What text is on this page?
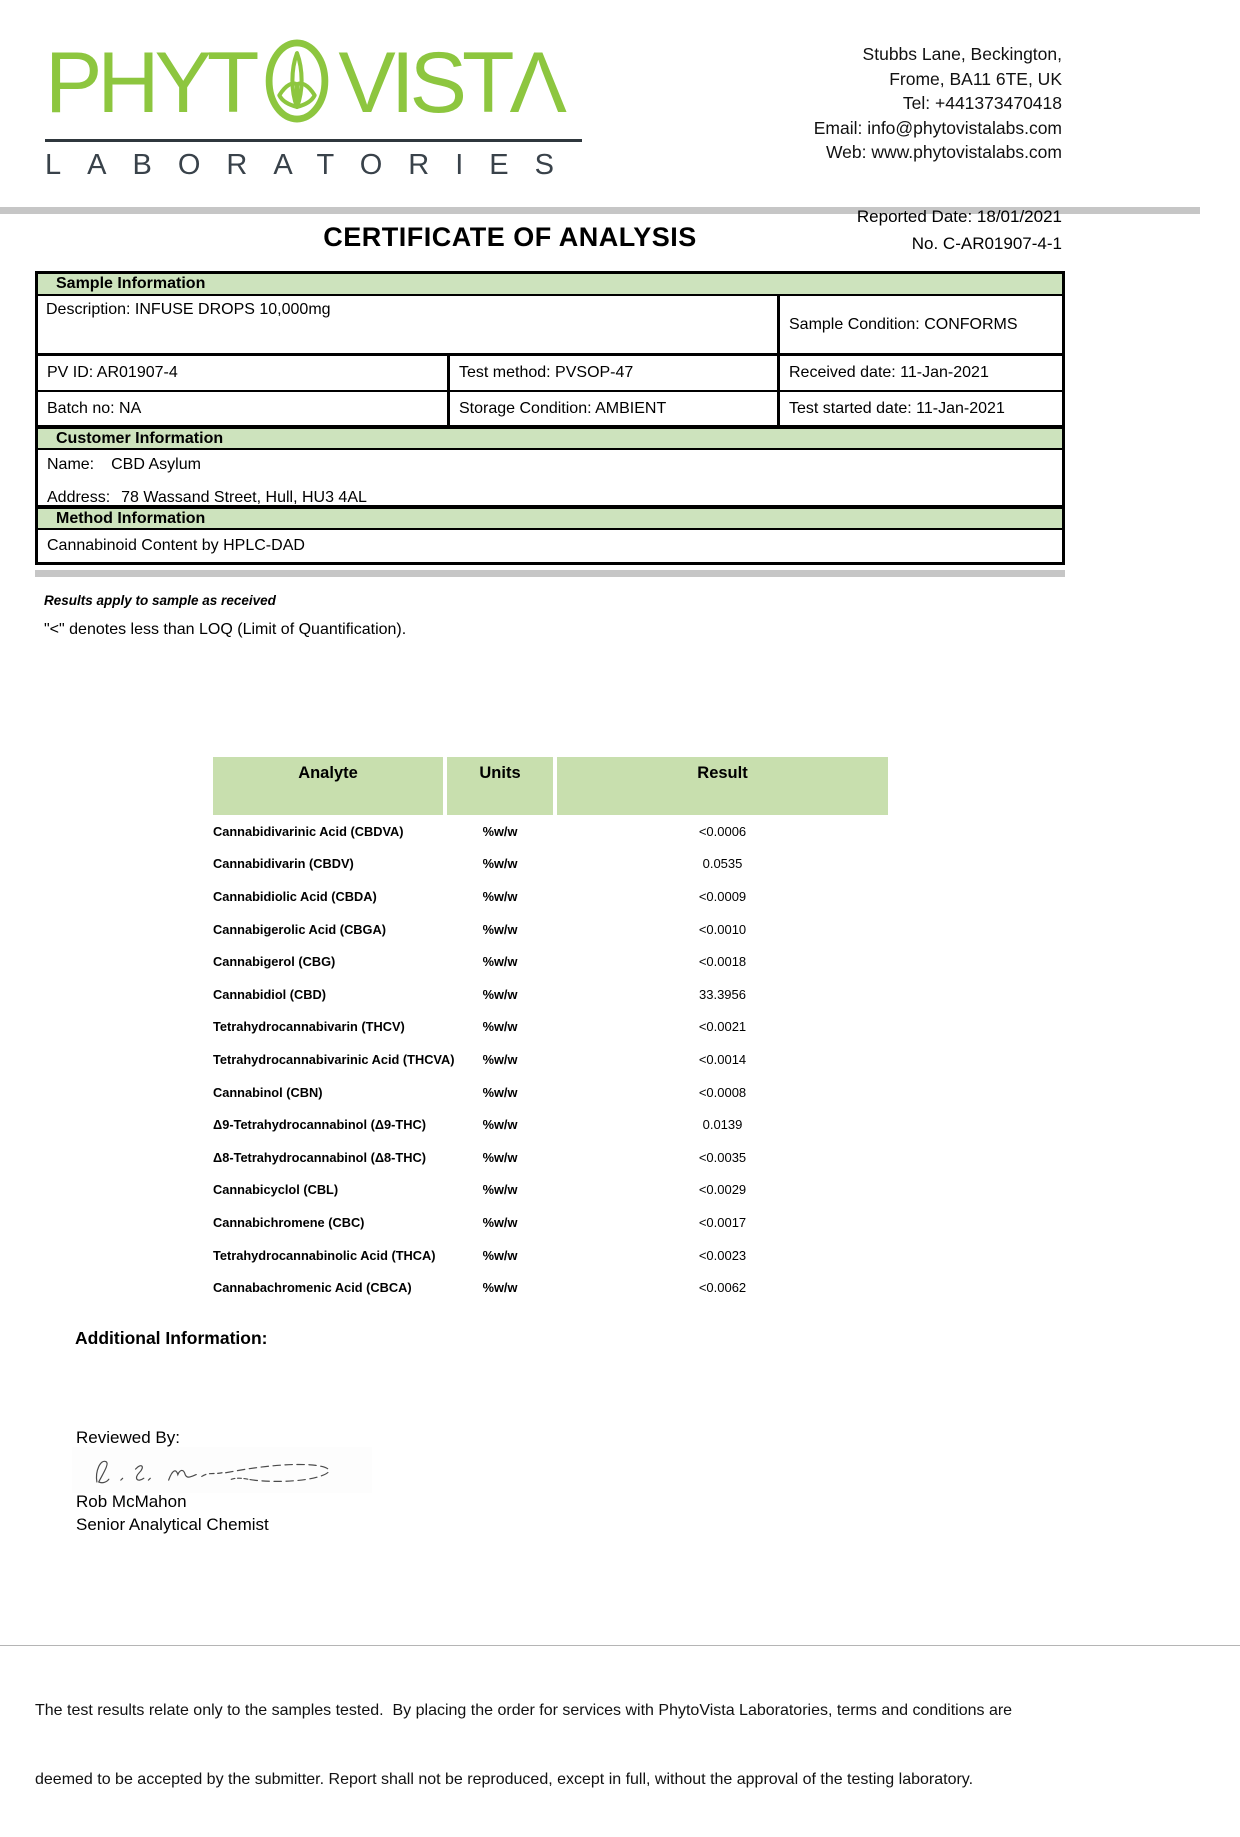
PHYT VISTΛ
LABORATORIES
Stubbs Lane, Beckington,
Frome, BA11 6TE, UK
Tel: +441373470418
Email: info@phytovistalabs.com
Web: www.phytovistalabs.com
CERTIFICATE OF ANALYSIS
Reported Date: 18/01/2021
No. C-AR01907-4-1
Sample Information
Description: INFUSE DROPS 10,000mg
Sample Condition: CONFORMS
PV ID: AR01907-4	Test method: PVSOP-47	Received date: 11-Jan-2021
Batch no: NA	Storage Condition: AMBIENT	Test started date: 11-Jan-2021
Customer Information
Name: CBD Asylum
Address: 78 Wassand Street, Hull, HU3 4AL
Method Information
Cannabinoid Content by HPLC-DAD
Results apply to sample as received
"<" denotes less than LOQ (Limit of Quantification).
Analyte	Units	Result
Cannabidivarinic Acid (CBDVA)	%w/w	<0.0006
Cannabidivarin (CBDV)	%w/w	0.0535
Cannabidiolic Acid (CBDA)	%w/w	<0.0009
Cannabigerolic Acid (CBGA)	%w/w	<0.0010
Cannabigerol (CBG)	%w/w	<0.0018
Cannabidiol (CBD)	%w/w	33.3956
Tetrahydrocannabivarin (THCV)	%w/w	<0.0021
Tetrahydrocannabivarinic Acid (THCVA)	%w/w	<0.0014
Cannabinol (CBN)	%w/w	<0.0008
Δ9-Tetrahydrocannabinol (Δ9-THC)	%w/w	0.0139
Δ8-Tetrahydrocannabinol (Δ8-THC)	%w/w	<0.0035
Cannabicyclol (CBL)	%w/w	<0.0029
Cannabichromene (CBC)	%w/w	<0.0017
Tetrahydrocannabinolic Acid (THCA)	%w/w	<0.0023
Cannabachromenic Acid (CBCA)	%w/w	<0.0062
Additional Information:
Reviewed By:
Rob McMahon
Senior Analytical Chemist

The test results relate only to the samples tested.  By placing the order for services with PhytoVista Laboratories, terms and conditions are

deemed to be accepted by the submitter. Report shall not be reproduced, except in full, without the approval of the testing laboratory.
